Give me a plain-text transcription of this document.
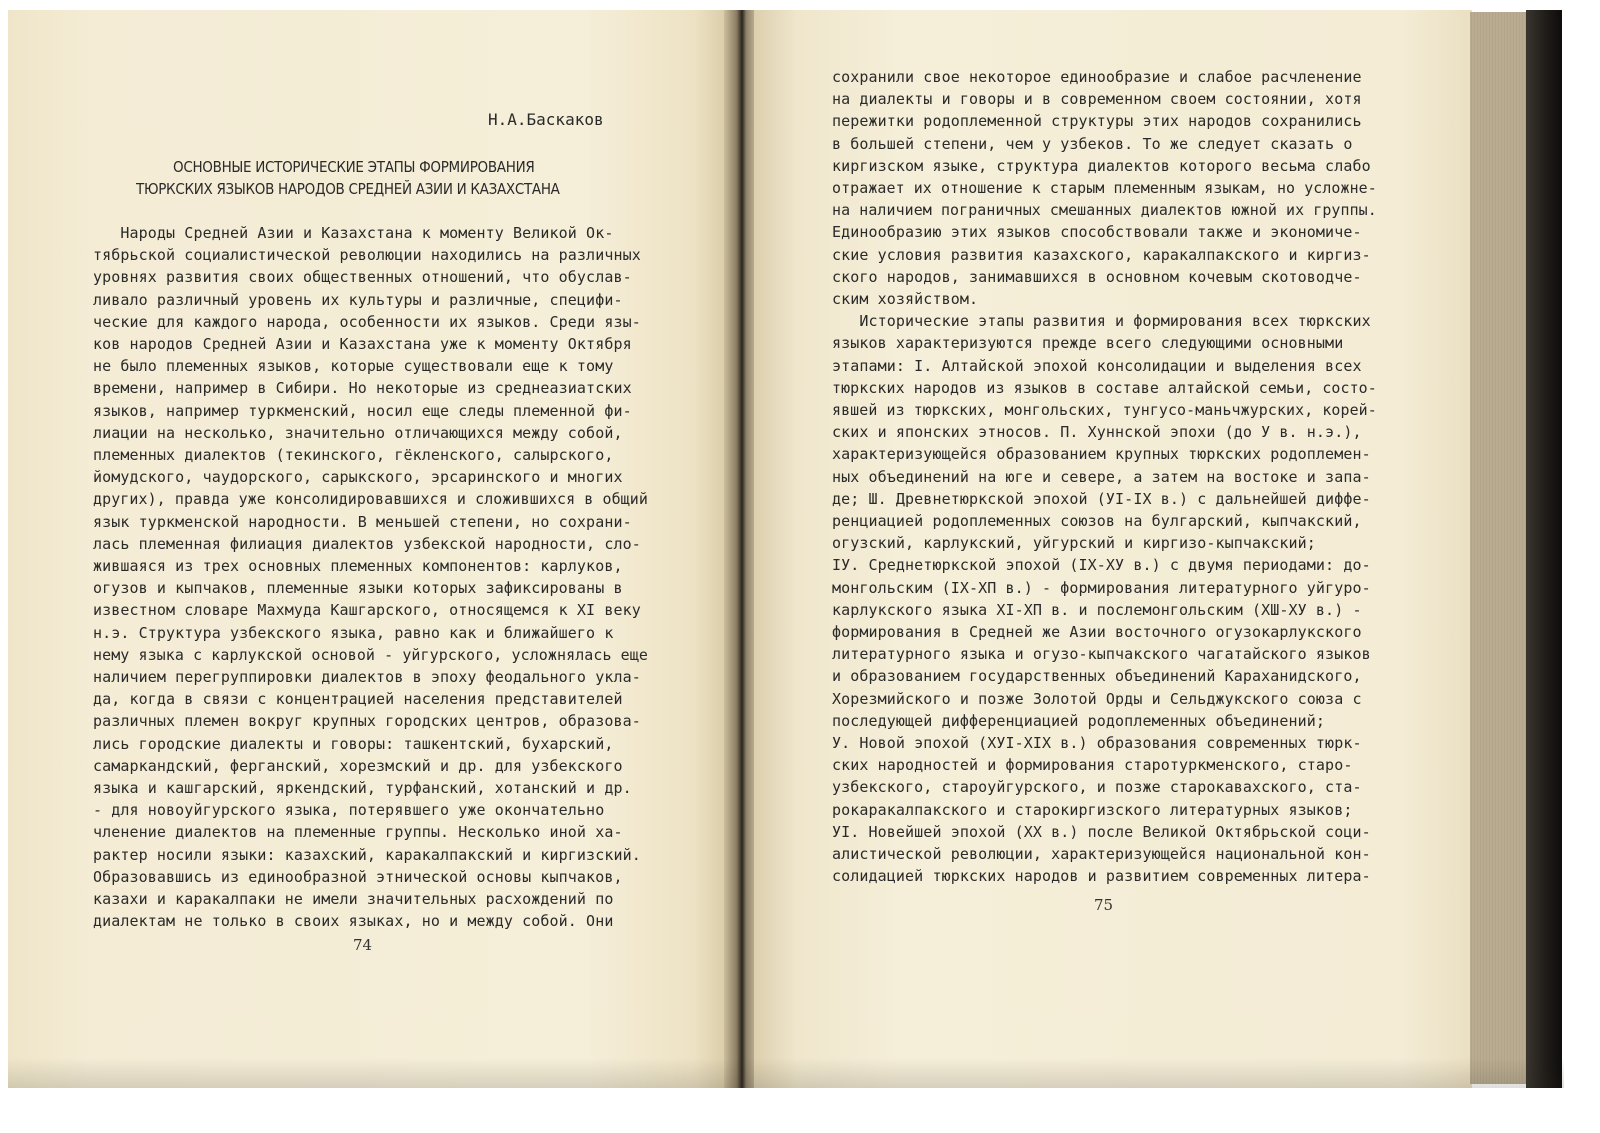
Н.А.Баскаков
ОСНОВНЫЕ ИСТОРИЧЕСКИЕ ЭТАПЫ ФОРМИРОВАНИЯ
ТЮРКСКИХ ЯЗЫКОВ НАРОДОВ СРЕДНЕЙ АЗИИ И КАЗАХСТАНА
Народы Средней Азии и Казахстана к моменту Великой Ок-
тябрьской социалистической революции находились на различных
уровнях развития своих общественных отношений, что обуслав-
ливало различный уровень их культуры и различные, специфи-
ческие для каждого народа, особенности их языков. Среди язы-
ков народов Средней Азии и Казахстана уже к моменту Октября
не было племенных языков, которые существовали еще к тому
времени, например в Сибири. Но некоторые из среднеазиатских
языков, например туркменский, носил еще следы племенной фи-
лиации на несколько, значительно отличающихся между собой,
племенных диалектов (текинского, гёкленского, салырского,
йомудского, чаудорского, сарыкского, эрсаринского и многих
других), правда уже консолидировавшихся и сложившихся в общий
язык туркменской народности. В меньшей степени, но сохрани-
лась племенная филиация диалектов узбекской народности, сло-
жившаяся из трех основных племенных компонентов: карлуков,
огузов и кыпчаков, племенные языки которых зафиксированы в
известном словаре Махмуда Кашгарского, относящемся к XI веку
н.э. Структура узбекского языка, равно как и ближайшего к
нему языка с карлукской основой - уйгурского, усложнялась еще
наличием перегруппировки диалектов в эпоху феодального укла-
да, когда в связи с концентрацией населения представителей
различных племен вокруг крупных городских центров, образова-
лись городские диалекты и говоры: ташкентский, бухарский,
самаркандский, ферганский, хорезмский и др. для узбекского
языка и кашгарский, яркендский, турфанский, хотанский и др.
- для новоуйгурского языка, потерявшего уже окончательно
членение диалектов на племенные группы. Несколько иной ха-
рактер носили языки: казахский, каракалпакский и киргизский.
Образовавшись из единообразной этнической основы кыпчаков,
казахи и каракалпаки не имели значительных расхождений по
диалектам не только в своих языках, но и между собой. Они
74
сохранили свое некоторое единообразие и слабое расчленение
на диалекты и говоры и в современном своем состоянии, хотя
пережитки родоплеменной структуры этих народов сохранились
в большей степени, чем у узбеков. То же следует сказать о
киргизском языке, структура диалектов которого весьма слабо
отражает их отношение к старым племенным языкам, но усложне-
на наличием пограничных смешанных диалектов южной их группы.
Единообразию этих языков способствовали также и экономиче-
ские условия развития казахского, каракалпакского и киргиз-
ского народов, занимавшихся в основном кочевым скотоводче-
ским хозяйством.
Исторические этапы развития и формирования всех тюркских
языков характеризуются прежде всего следующими основными
этапами: I. Алтайской эпохой консолидации и выделения всех
тюркских народов из языков в составе алтайской семьи, состо-
явшей из тюркских, монгольских, тунгусо-маньчжурских, корей-
ских и японских этносов. П. Хуннской эпохи (до У в. н.э.),
характеризующейся образованием крупных тюркских родоплемен-
ных объединений на юге и севере, а затем на востоке и запа-
де; Ш. Древнетюркской эпохой (УI-IX в.) с дальнейшей диффе-
ренциацией родоплеменных союзов на булгарский, кыпчакский,
огузский, карлукский, уйгурский и киргизо-кыпчакский;
IУ. Среднетюркской эпохой (IX-XУ в.) с двумя периодами: до-
монгольским (IX-XП в.) - формирования литературного уйгуро-
карлукского языка XI-XП в. и послемонгольским (XШ-XУ в.) -
формирования в Средней же Азии восточного огузокарлукского
литературного языка и огузо-кыпчакского чагатайского языков
и образованием государственных объединений Караханидского,
Хорезмийского и позже Золотой Орды и Сельджукского союза с
последующей дифференциацией родоплеменных объединений;
У. Новой эпохой (XУI-XIX в.) образования современных тюрк-
ских народностей и формирования старотуркменского, старо-
узбекского, староуйгурского, и позже старокавахского, ста-
рокаракалпакского и старокиргизского литературных языков;
УI. Новейшей эпохой (XX в.) после Великой Октябрьской соци-
алистической революции, характеризующейся национальной кон-
солидацией тюркских народов и развитием современных литера-
75
